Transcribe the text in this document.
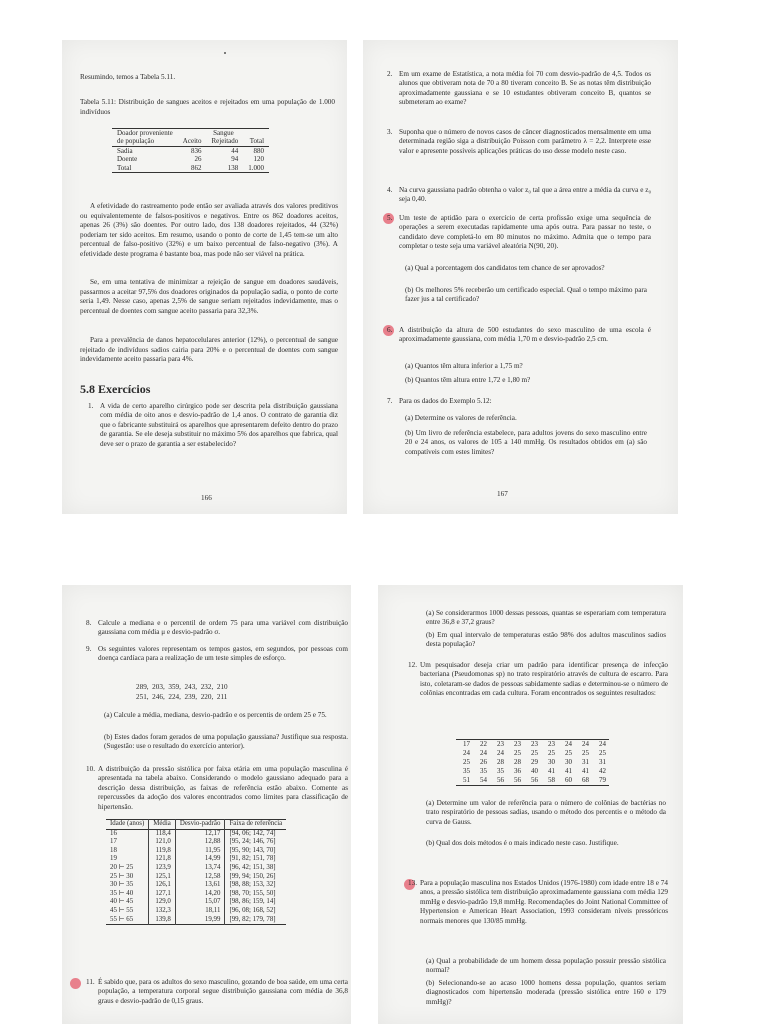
Resumindo, temos a Tabela 5.11.
Tabela 5.11: Distribuição de sangues aceitos e rejeitados em uma população de 1.000 indivíduos
Doador proveniente	Sangue		
de população	Aceito	Rejeitado	Total
Sadia	836	44	880
Doente	26	94	120
Total	862	138	1.000
A efetividade do rastreamento pode então ser avaliada através dos valores preditivos ou equivalentemente de falsos-positivos e negativos. Entre os 862 doadores aceitos, apenas 26 (3%) são doentes. Por outro lado, dos 138 doadores rejeitados, 44 (32%) poderiam ter sido aceitos. Em resumo, usando o ponto de corte de 1,45 tem-se um alto percentual de falso-positivo (32%) e um baixo percentual de falso-negativo (3%). A efetividade deste programa é bastante boa, mas pode não ser viável na prática.
Se, em uma tentativa de minimizar a rejeição de sangue em doadores saudáveis, passarmos a aceitar 97,5% dos doadores originados da população sadia, o ponto de corte seria 1,49. Nesse caso, apenas 2,5% de sangue seriam rejeitados indevidamente, mas o percentual de doentes com sangue aceito passaria para 32,3%.
Para a prevalência de danos hepatocelulares anterior (12%), o percentual de sangue rejeitado de indivíduos sadios cairia para 20% e o percentual de doentes com sangue indevidamente aceito passaria para 4%.
5.8 Exercícios
1. A vida de certo aparelho cirúrgico pode ser descrita pela distribuição gaussiana com média de oito anos e desvio-padrão de 1,4 anos. O contrato de garantia diz que o fabricante substituirá os aparelhos que apresentarem defeito dentro do prazo de garantia. Se ele deseja substituir no máximo 5% dos aparelhos que fabrica, qual deve ser o prazo de garantia a ser estabelecido?
166
2. Em um exame de Estatística, a nota média foi 70 com desvio-padrão de 4,5. Todos os alunos que obtiveram nota de 70 a 80 tiveram conceito B. Se as notas têm distribuição aproximadamente gaussiana e se 10 estudantes obtiveram conceito B, quantos se submeteram ao exame?
3. Suponha que o número de novos casos de câncer diagnosticados mensalmente em uma determinada região siga a distribuição Poisson com parâmetro λ = 2,2. Interprete esse valor e apresente possíveis aplicações práticas do uso desse modelo neste caso.
4. Na curva gaussiana padrão obtenha o valor z₀ tal que a área entre a média da curva e z₀ seja 0,40.
5. Um teste de aptidão para o exercício de certa profissão exige uma sequência de operações a serem executadas rapidamente uma após outra. Para passar no teste, o candidato deve completá-lo em 80 minutos no máximo. Admita que o tempo para completar o teste seja uma variável aleatória N(90, 20).
(a) Qual a porcentagem dos candidatos tem chance de ser aprovados?
(b) Os melhores 5% receberão um certificado especial. Qual o tempo máximo para fazer jus a tal certificado?
6. A distribuição da altura de 500 estudantes do sexo masculino de uma escola é aproximadamente gaussiana, com média 1,70 m e desvio-padrão 2,5 cm.
(a) Quantos têm altura inferior a 1,75 m?
(b) Quantos têm altura entre 1,72 e 1,80 m?
7. Para os dados do Exemplo 5.12:
(a) Determine os valores de referência.
(b) Um livro de referência estabelece, para adultos jovens do sexo masculino entre 20 e 24 anos, os valores de 105 a 140 mmHg. Os resultados obtidos em (a) são compatíveis com estes limites?
167
8. Calcule a mediana e o percentil de ordem 75 para uma variável com distribuição gaussiana com média μ e desvio-padrão σ.
9. Os seguintes valores representam os tempos gastos, em segundos, por pessoas com doença cardíaca para a realização de um teste simples de esforço.
289,  203,  359,  243,  232,  210
251,  246,  224,  239,  220,  211
(a) Calcule a média, mediana, desvio-padrão e os percentis de ordem 25 e 75.
(b) Estes dados foram gerados de uma população gaussiana? Justifique sua resposta. (Sugestão: use o resultado do exercício anterior).
10. A distribuição da pressão sistólica por faixa etária em uma população masculina é apresentada na tabela abaixo. Considerando o modelo gaussiano adequado para a descrição dessa distribuição, as faixas de referência estão abaixo. Comente as repercussões da adoção dos valores encontrados como limites para classificação de hipertensão.
Idade (anos)	Média	Desvio-padrão	Faixa de referência
16	118,4	12,17	[94, 06; 142, 74]
17	121,0	12,88	[95, 24; 146, 76]
18	119,8	11,95	[95, 90; 143, 70]
19	121,8	14,99	[91, 82; 151, 78]
20 ⊢ 25	123,9	13,74	[96, 42; 151, 38]
25 ⊢ 30	125,1	12,58	[99, 94; 150, 26]
30 ⊢ 35	126,1	13,61	[98, 88; 153, 32]
35 ⊢ 40	127,1	14,20	[98, 70; 155, 50]
40 ⊢ 45	129,0	15,07	[98, 86; 159, 14]
45 ⊢ 55	132,3	18,11	[96, 08; 168, 52]
55 ⊢ 65	139,8	19,99	[99, 82; 179, 78]
11. É sabido que, para os adultos do sexo masculino, gozando de boa saúde, em uma certa população, a temperatura corporal segue distribuição gaussiana com média de 36,8 graus e desvio-padrão de 0,15 graus.
(a) Se considerarmos 1000 dessas pessoas, quantas se esperariam com temperatura entre 36,8 e 37,2 graus?
(b) Em qual intervalo de temperaturas estão 98% dos adultos masculinos sadios desta população?
12. Um pesquisador deseja criar um padrão para identificar presença de infecção bacteriana (Pseudomonas sp) no trato respiratório através de cultura de escarro. Para isto, coletaram-se dados de pessoas sabidamente sadias e determinou-se o número de colônias encontradas em cada cultura. Foram encontrados os seguintes resultados:
17	22	23	23	23	23	24	24	24
24	24	24	25	25	25	25	25	25
25	26	28	28	29	30	30	31	31
35	35	35	36	40	41	41	41	42
51	54	56	56	56	58	60	68	79
(a) Determine um valor de referência para o número de colônias de bactérias no trato respiratório de pessoas sadias, usando o método dos percentis e o método da curva de Gauss.
(b) Qual dos dois métodos é o mais indicado neste caso. Justifique.
13. Para a população masculina nos Estados Unidos (1976-1980) com idade entre 18 e 74 anos, a pressão sistólica tem distribuição aproximadamente gaussiana com média 129 mmHg e desvio-padrão 19,8 mmHg. Recomendações do Joint National Committee of Hypertension e American Heart Association, 1993 consideram níveis pressóricos normais menores que 130/85 mmHg.
(a) Qual a probabilidade de um homem dessa população possuir pressão sistólica normal?
(b) Selecionando-se ao acaso 1000 homens dessa população, quantos seriam diagnosticados com hipertensão moderada (pressão sistólica entre 160 e 179 mmHg)?
